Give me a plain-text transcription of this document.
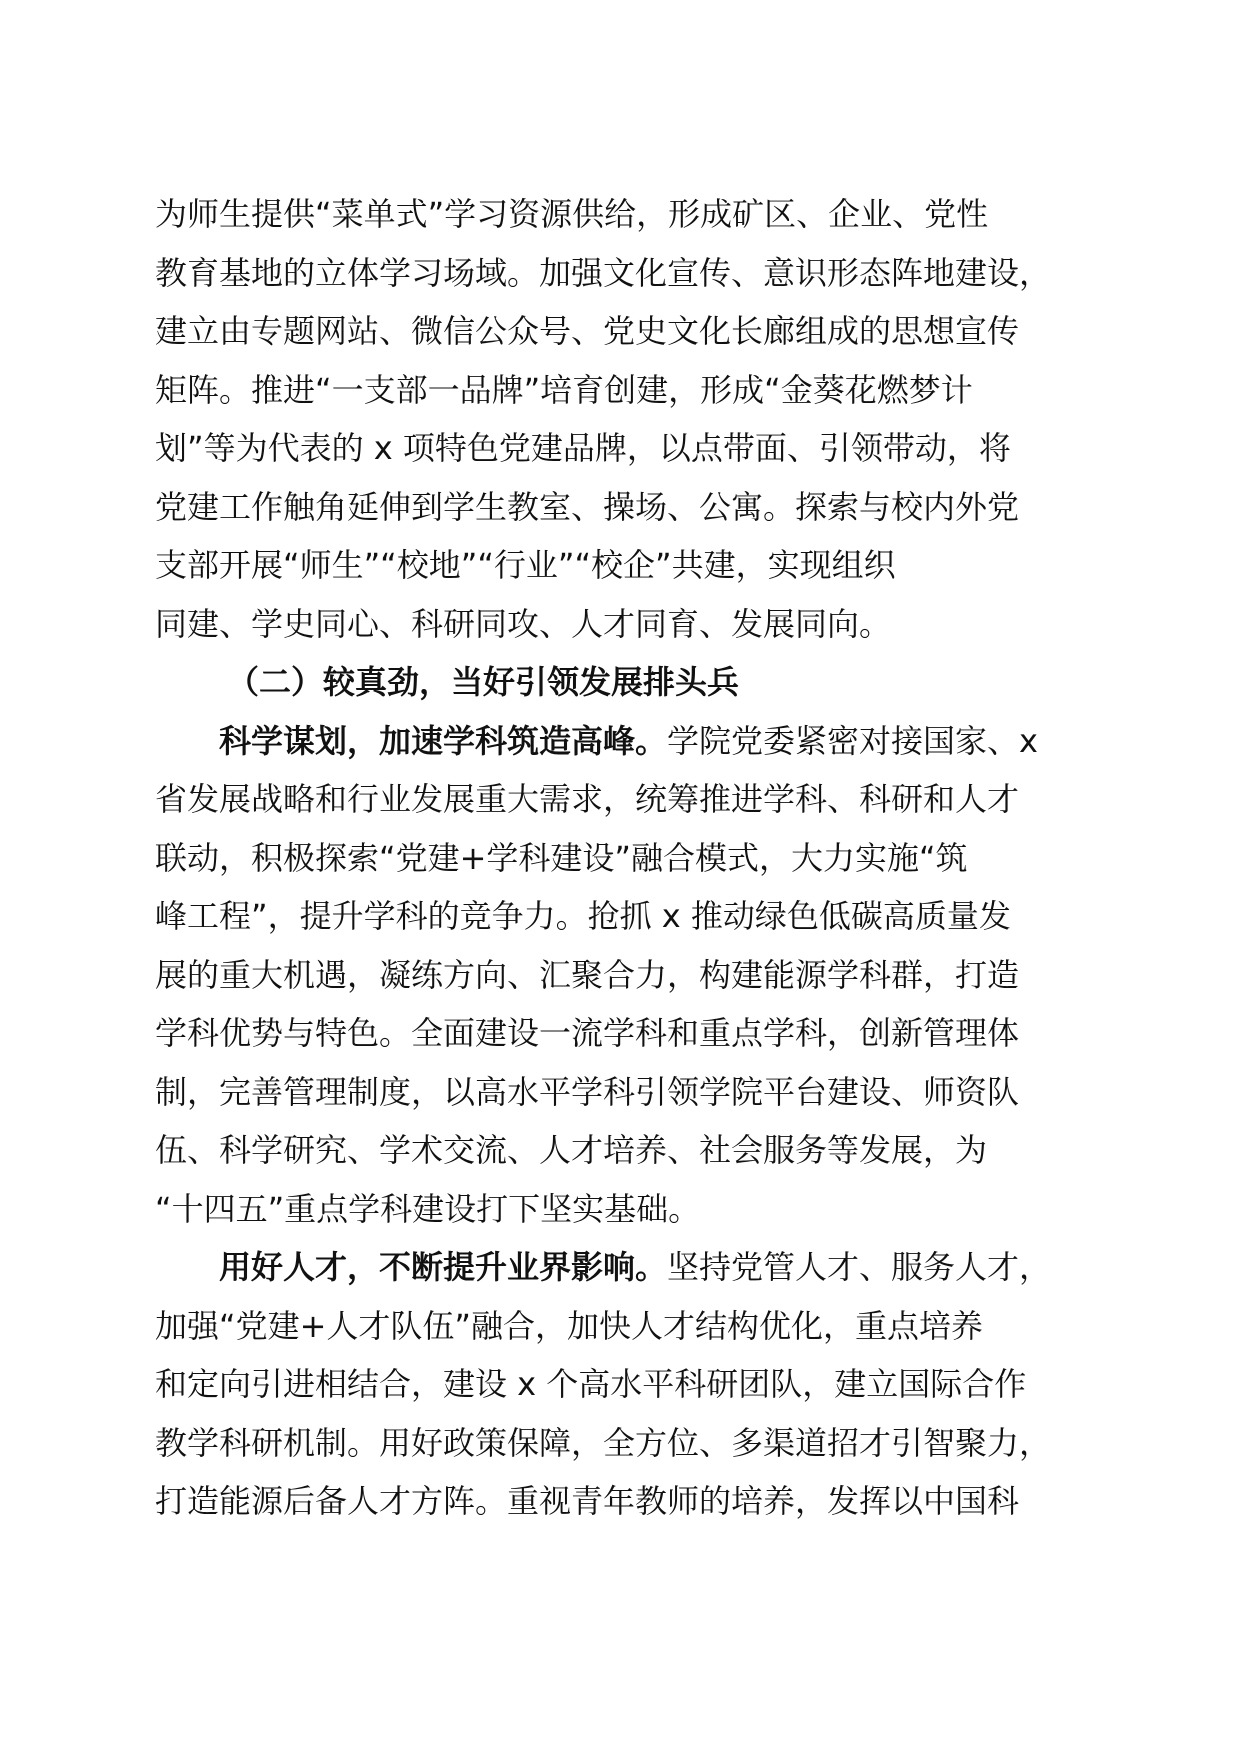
为师生提供“菜单式”学习资源供给，形成矿区、企业、党性
教育基地的立体学习场域。加强文化宣传、意识形态阵地建设，
建立由专题网站、微信公众号、党史文化长廊组成的思想宣传
矩阵。推进“一支部一品牌”培育创建，形成“金葵花燃梦计
划”等为代表的 x 项特色党建品牌，以点带面、引领带动，将
党建工作触角延伸到学生教室、操场、公寓。探索与校内外党
支部开展“师生”“校地”“行业”“校企”共建，实现组织
同建、学史同心、科研同攻、人才同育、发展同向。
（二）较真劲，当好引领发展排头兵
科学谋划，加速学科筑造高峰。学院党委紧密对接国家、x
省发展战略和行业发展重大需求，统筹推进学科、科研和人才
联动，积极探索“党建+学科建设”融合模式，大力实施“筑
峰工程”，提升学科的竞争力。抢抓 x 推动绿色低碳高质量发
展的重大机遇，凝练方向、汇聚合力，构建能源学科群，打造
学科优势与特色。全面建设一流学科和重点学科，创新管理体
制，完善管理制度，以高水平学科引领学院平台建设、师资队
伍、科学研究、学术交流、人才培养、社会服务等发展，为
“十四五”重点学科建设打下坚实基础。
用好人才，不断提升业界影响。坚持党管人才、服务人才，
加强“党建+人才队伍”融合，加快人才结构优化，重点培养
和定向引进相结合，建设 x 个高水平科研团队，建立国际合作
教学科研机制。用好政策保障，全方位、多渠道招才引智聚力，
打造能源后备人才方阵。重视青年教师的培养，发挥以中国科
